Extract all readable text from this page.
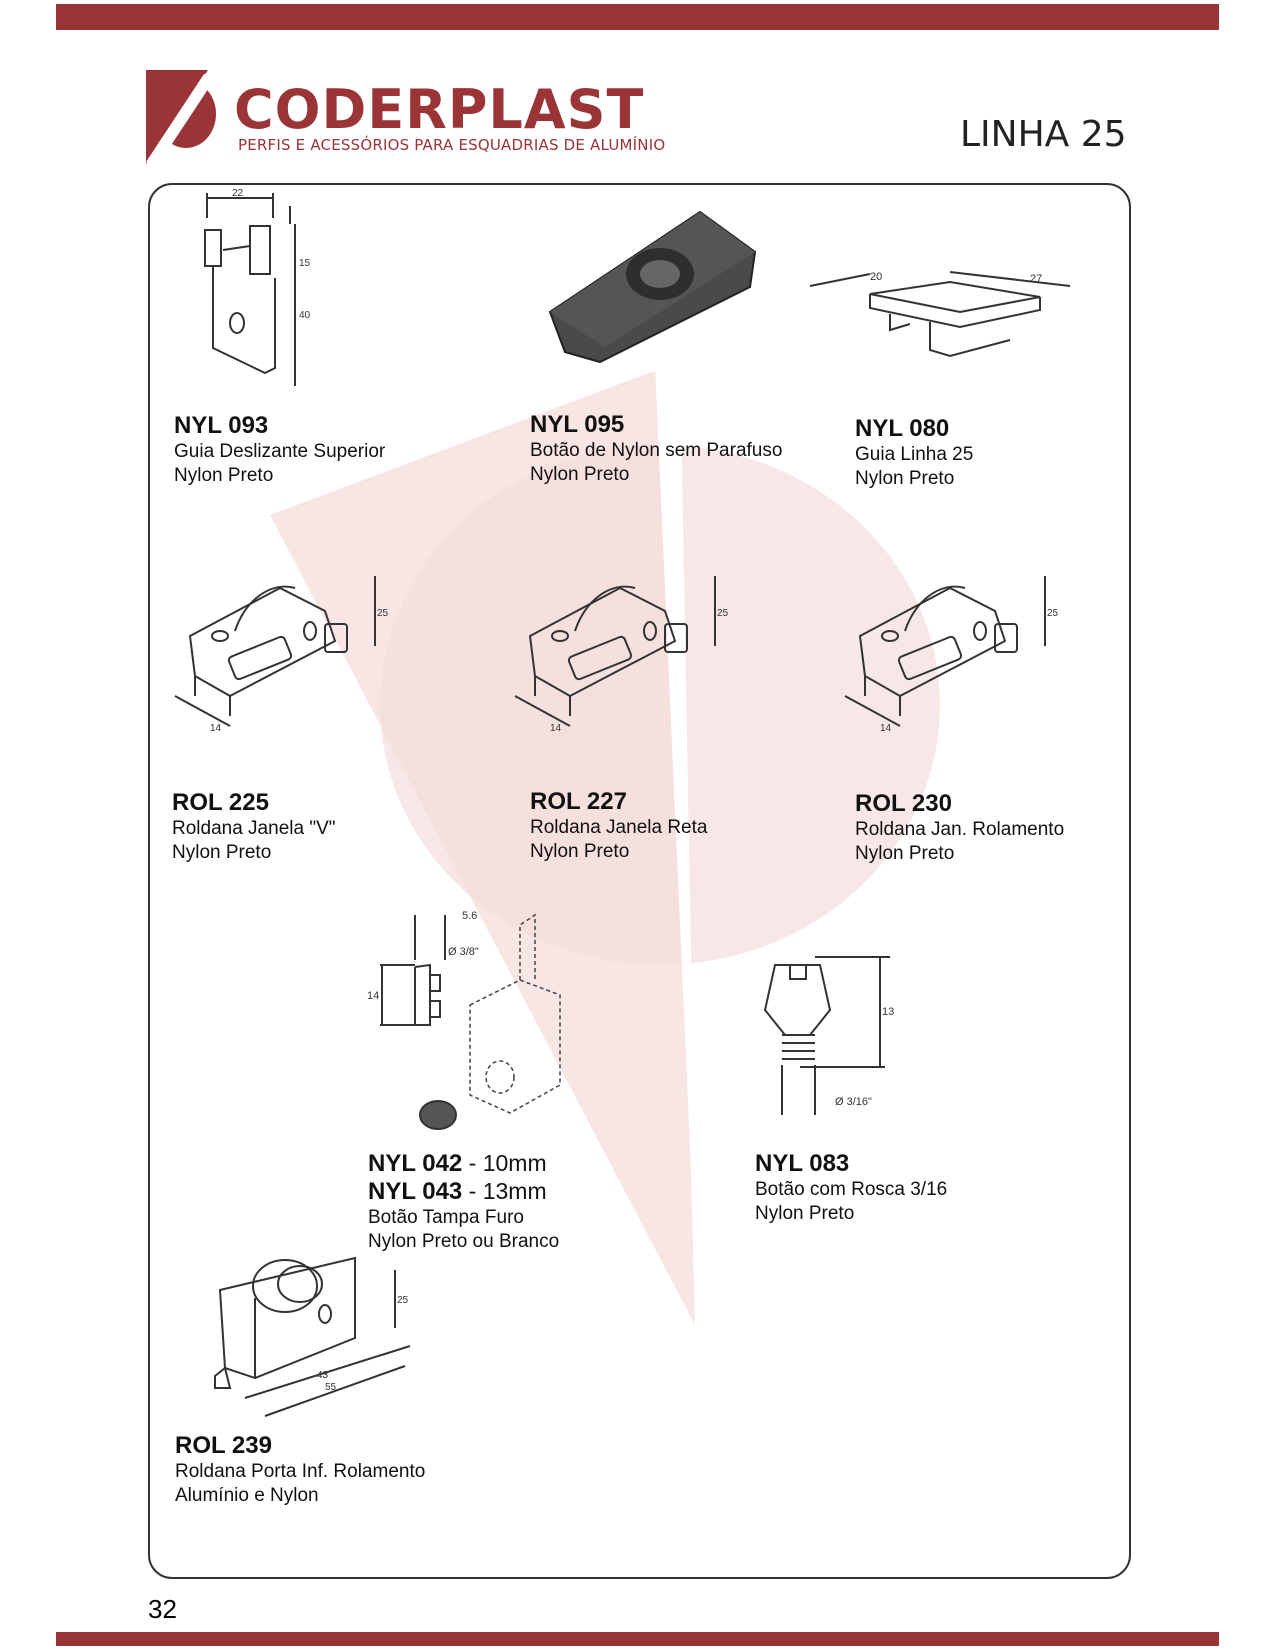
CODERPLAST
PERFIS E ACESSÓRIOS PARA ESQUADRIAS DE ALUMÍNIO	LINHA 25
22
15
40
20	27
25
14
25
14
25
14
5.6
Ø 3/8"
14
13
Ø 3/16"
25
43
55
NYL 093
Guia Deslizante Superior
Nylon Preto
NYL 095
Botão de Nylon sem Parafuso
Nylon Preto
NYL 080
Guia Linha 25
Nylon Preto
ROL 225
Roldana Janela "V"
Nylon Preto
ROL 227
Roldana Janela Reta
Nylon Preto
ROL 230
Roldana Jan. Rolamento
Nylon Preto
NYL 042 - 10mm
NYL 043 - 13mm
Botão Tampa Furo
Nylon Preto ou Branco
NYL 083
Botão com Rosca 3/16
Nylon Preto
ROL 239
Roldana Porta Inf. Rolamento
Alumínio e Nylon
32
